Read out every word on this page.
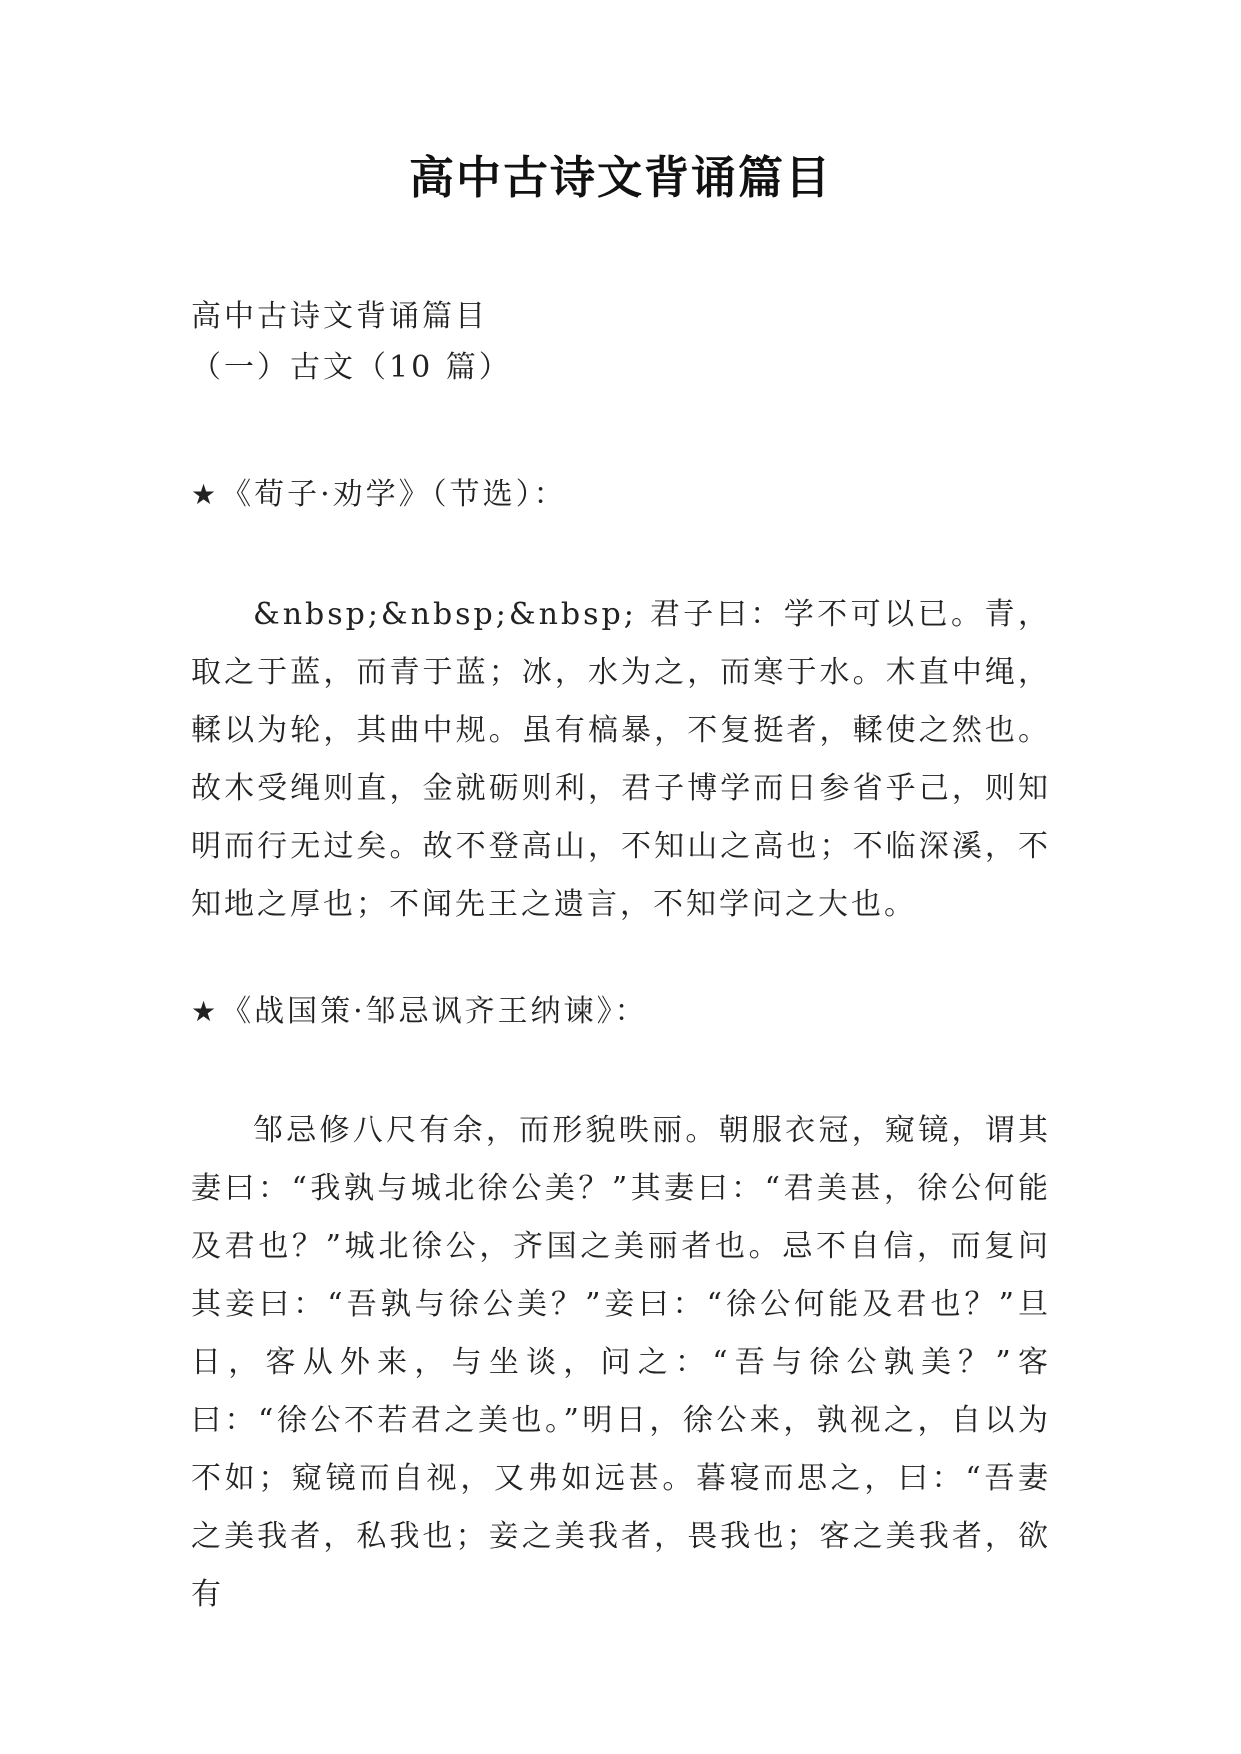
高中古诗文背诵篇目
高中古诗文背诵篇目
（一）古文（10 篇）
★《荀子·劝学》（节选）：

&nbsp;&nbsp;&nbsp; 君子曰：学不可以已。青，取之于蓝，而青于蓝；冰，水为之，而寒于水。木直中绳，輮以为轮，其曲中规。虽有槁暴，不复挺者，輮使之然也。故木受绳则直，金就砺则利，君子博学而日参省乎己，则知明而行无过矣。故不登高山，不知山之高也；不临深溪，不知地之厚也；不闻先王之遗言，不知学问之大也。

★《战国策·邹忌讽齐王纳谏》：

邹忌修八尺有余，而形貌昳丽。朝服衣冠，窥镜，谓其妻曰：“我孰与城北徐公美？”其妻曰：“君美甚，徐公何能及君也？”城北徐公，齐国之美丽者也。忌不自信，而复问其妾曰：“吾孰与徐公美？”妾曰：“徐公何能及君也？”旦日，客从外来，与坐谈，问之：“吾与徐公孰美？”客曰：“徐公不若君之美也。”明日，徐公来，孰视之，自以为不如；窥镜而自视，又弗如远甚。暮寝而思之，曰：“吾妻之美我者，私我也；妾之美我者，畏我也；客之美我者，欲有
